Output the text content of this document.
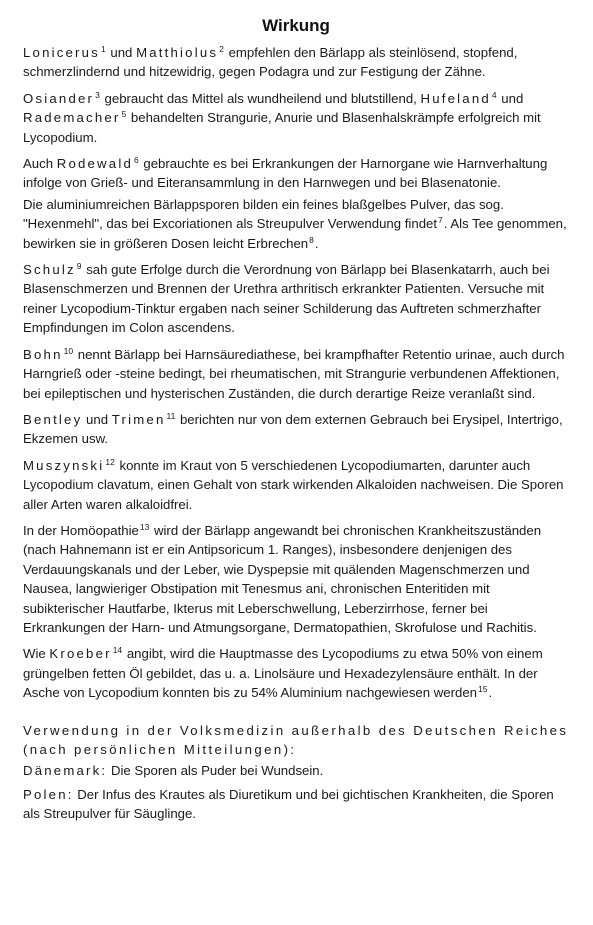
Wirkung

Lonicerus$^1$ und Matthiolus$^2$ empfehlen den Bärlapp als steinlösend, stopfend, schmerzlindernd und hitzewidrig, gegen Podagra und zur Festigung der Zähne.

Osiander$^3$ gebraucht das Mittel als wundheilend und blutstillend, Hufeland$^4$ und Rademacher$^5$ behandelten Strangurie, Anurie und Blasenhalskrämpfe erfolgreich mit Lycopodium.

Auch Rodewald$^6$ gebrauchte es bei Erkrankungen der Harnorgane wie Harnverhaltung infolge von Grieß- und Eiteransammlung in den Harnwegen und bei Blasenatonie.

Die aluminiumreichen Bärlappsporen bilden ein feines blaßgelbes Pulver, das sog. "Hexenmehl", das bei Excoriationen als Streupulver Verwendung findet$^7$. Als Tee genommen, bewirken sie in größeren Dosen leicht Erbrechen$^8$.

Schulz$^9$ sah gute Erfolge durch die Verordnung von Bärlapp bei Blasenkatarrh, auch bei Blasenschmerzen und Brennen der Urethra arthritisch erkrankter Patienten. Versuche mit reiner Lycopodium-Tinktur ergaben nach seiner Schilderung das Auftreten schmerzhafter Empfindungen im Colon ascendens.

Bohn$^{10}$ nennt Bärlapp bei Harnsäurediathese, bei krampfhafter Retentio urinae, auch durch Harngrieß oder -steine bedingt, bei rheumatischen, mit Strangurie verbundenen Affektionen, bei epileptischen und hysterischen Zuständen, die durch derartige Reize veranlaßt sind.

Bentley und Trimen$^{11}$ berichten nur von dem externen Gebrauch bei Erysipel, Intertrigo, Ekzemen usw.

Muszynski$^{12}$ konnte im Kraut von 5 verschiedenen Lycopodiumarten, darunter auch Lycopodium clavatum, einen Gehalt von stark wirkenden Alkaloiden nachweisen. Die Sporen aller Arten waren alkaloidfrei.

In der Homöopathie$^{13}$ wird der Bärlapp angewandt bei chronischen Krankheitszuständen (nach Hahnemann ist er ein Antipsoricum 1. Ranges), insbesondere denjenigen des Verdauungskanals und der Leber, wie Dyspepsie mit quälenden Magenschmerzen und Nausea, langwieriger Obstipation mit Tenesmus ani, chronischen Enteritiden mit subikterischer Hautfarbe, Ikterus mit Leberschwellung, Leberzirrhose, ferner bei Erkrankungen der Harn- und Atmungsorgane, Dermatopathien, Skrofulose und Rachitis.

Wie Kroeber$^{14}$ angibt, wird die Hauptmasse des Lycopodiums zu etwa 50% von einem grüngelben fetten Öl gebildet, das u. a. Linolsäure und Hexadezylensäure enthält. In der Asche von Lycopodium konnten bis zu 54% Aluminium nachgewiesen werden$^{15}$.

Verwendung in der Volksmedizin außerhalb des Deutschen Reiches (nach persönlichen Mitteilungen):

Dänemark: Die Sporen als Puder bei Wundsein.

Polen: Der Infus des Krautes als Diuretikum und bei gichtischen Krankheiten, die Sporen als Streupulver für Säuglinge.
